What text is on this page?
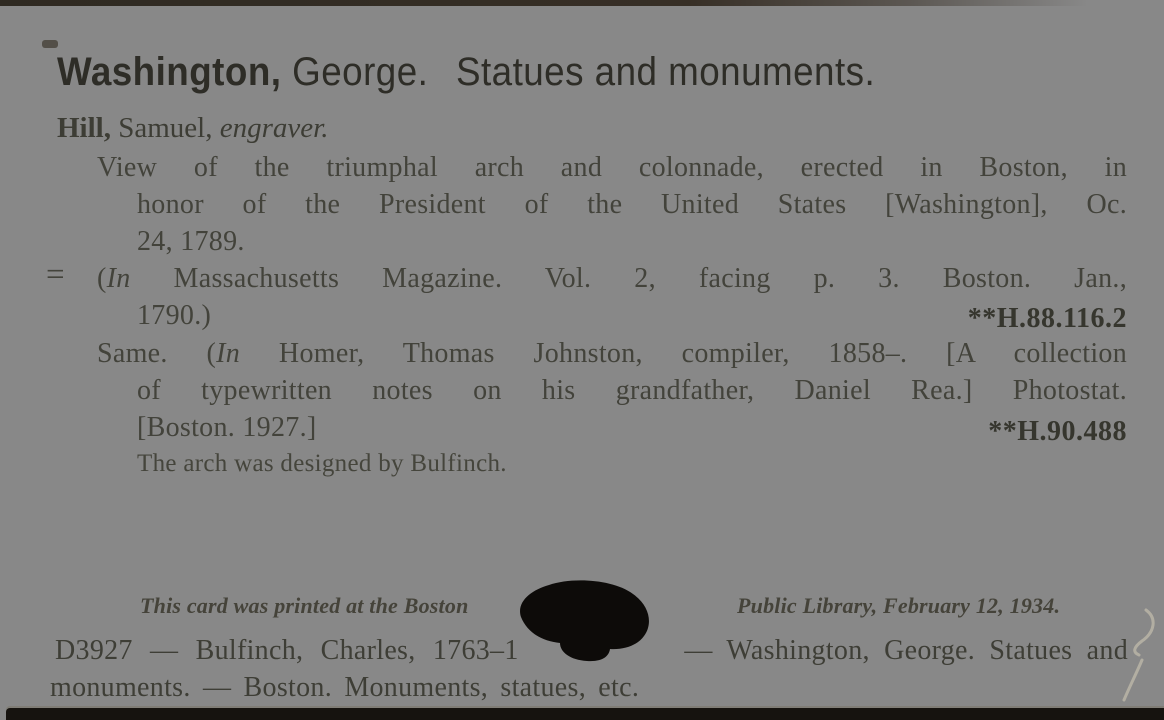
Washington, George. Statues and monuments.
Hill, Samuel, engraver.
View of the triumphal arch and colonnade, erected in Boston, in
honor of the President of the United States [Washington], Oc.
24, 1789.
= (In Massachusetts Magazine. Vol. 2, facing p. 3. Boston. Jan.,
1790.)	**H.88.116.2
Same. (In Homer, Thomas Johnston, compiler, 1858–. [A collection
of typewritten notes on his grandfather, Daniel Rea.] Photostat.
[Boston. 1927.]	**H.90.488
The arch was designed by Bulfinch.
This card was printed at the Boston	Public Library, February 12, 1934.
D3927 — Bulfinch, Charles, 1763–1	— Washington, George. Statues and
monuments. — Boston. Monuments, statues, etc.
